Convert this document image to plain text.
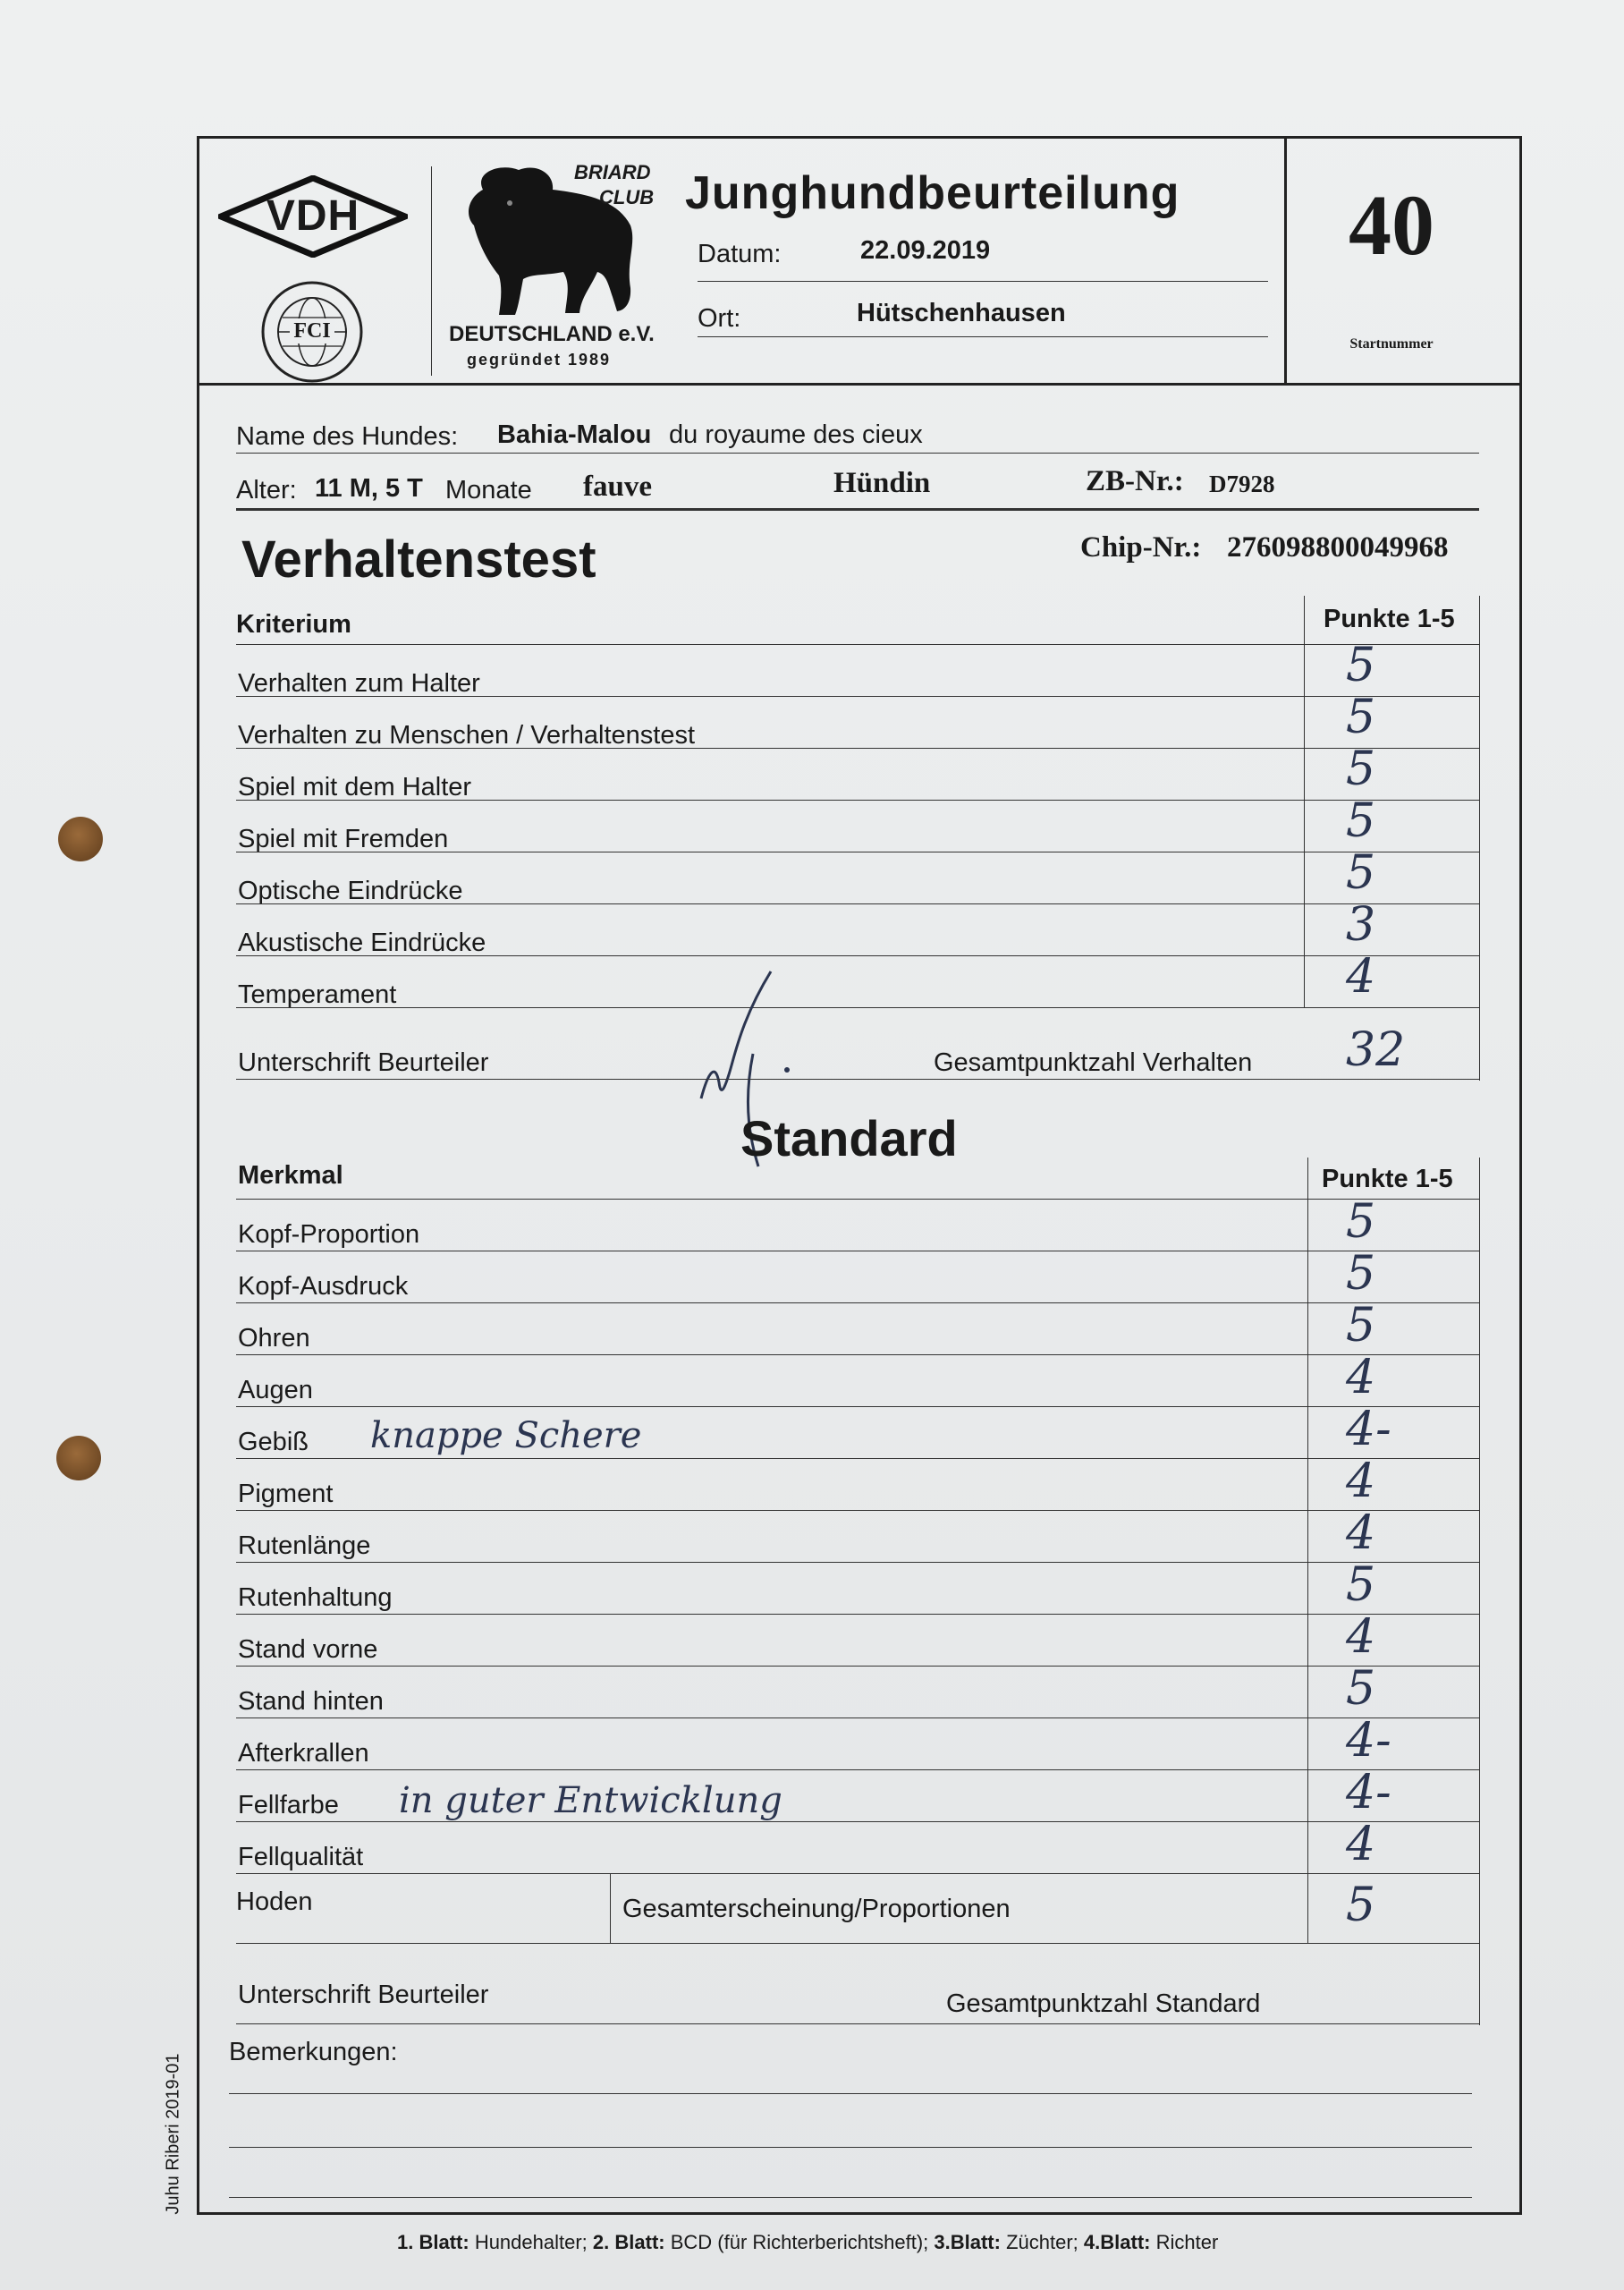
VDH
FCI
BRIARD
CLUB
DEUTSCHLAND e.V.
gegründet 1989
Junghundbeurteilung
Datum:	22.09.2019
Ort:	Hütschenhausen
40
Startnummer
Name des Hundes: Bahia-Malou du royaume des cieux
Alter: 11 M, 5 T Monate fauve	Hündin	ZB-Nr.: D7928
Verhaltenstest	Chip-Nr.: 276098800049968
Kriterium	Punkte 1-5
Verhalten zum Halter	5
Verhalten zu Menschen / Verhaltenstest	5
Spiel mit dem Halter	5
Spiel mit Fremden	5
Optische Eindrücke	5
Akustische Eindrücke	3
Temperament	4
Unterschrift Beurteiler	Gesamtpunktzahl Verhalten 32
Standard
Merkmal	Punkte 1-5
Kopf-Proportion	5
Kopf-Ausdruck	5
Ohren	5
Augen	4
Gebiß knappe Schere	4-
Pigment	4
Rutenlänge	4
Rutenhaltung	5
Stand vorne	4
Stand hinten	5
Afterkrallen	4-
Fellfarbe in guter Entwicklung	4-
Fellqualität	4
Hoden	Gesamterscheinung/Proportionen	5
Unterschrift Beurteiler	Gesamtpunktzahl Standard
Bemerkungen:
Juhu Riberi 2019-01
1. Blatt: Hundehalter; 2. Blatt: BCD (für Richterberichtsheft); 3.Blatt: Züchter; 4.Blatt: Richter
